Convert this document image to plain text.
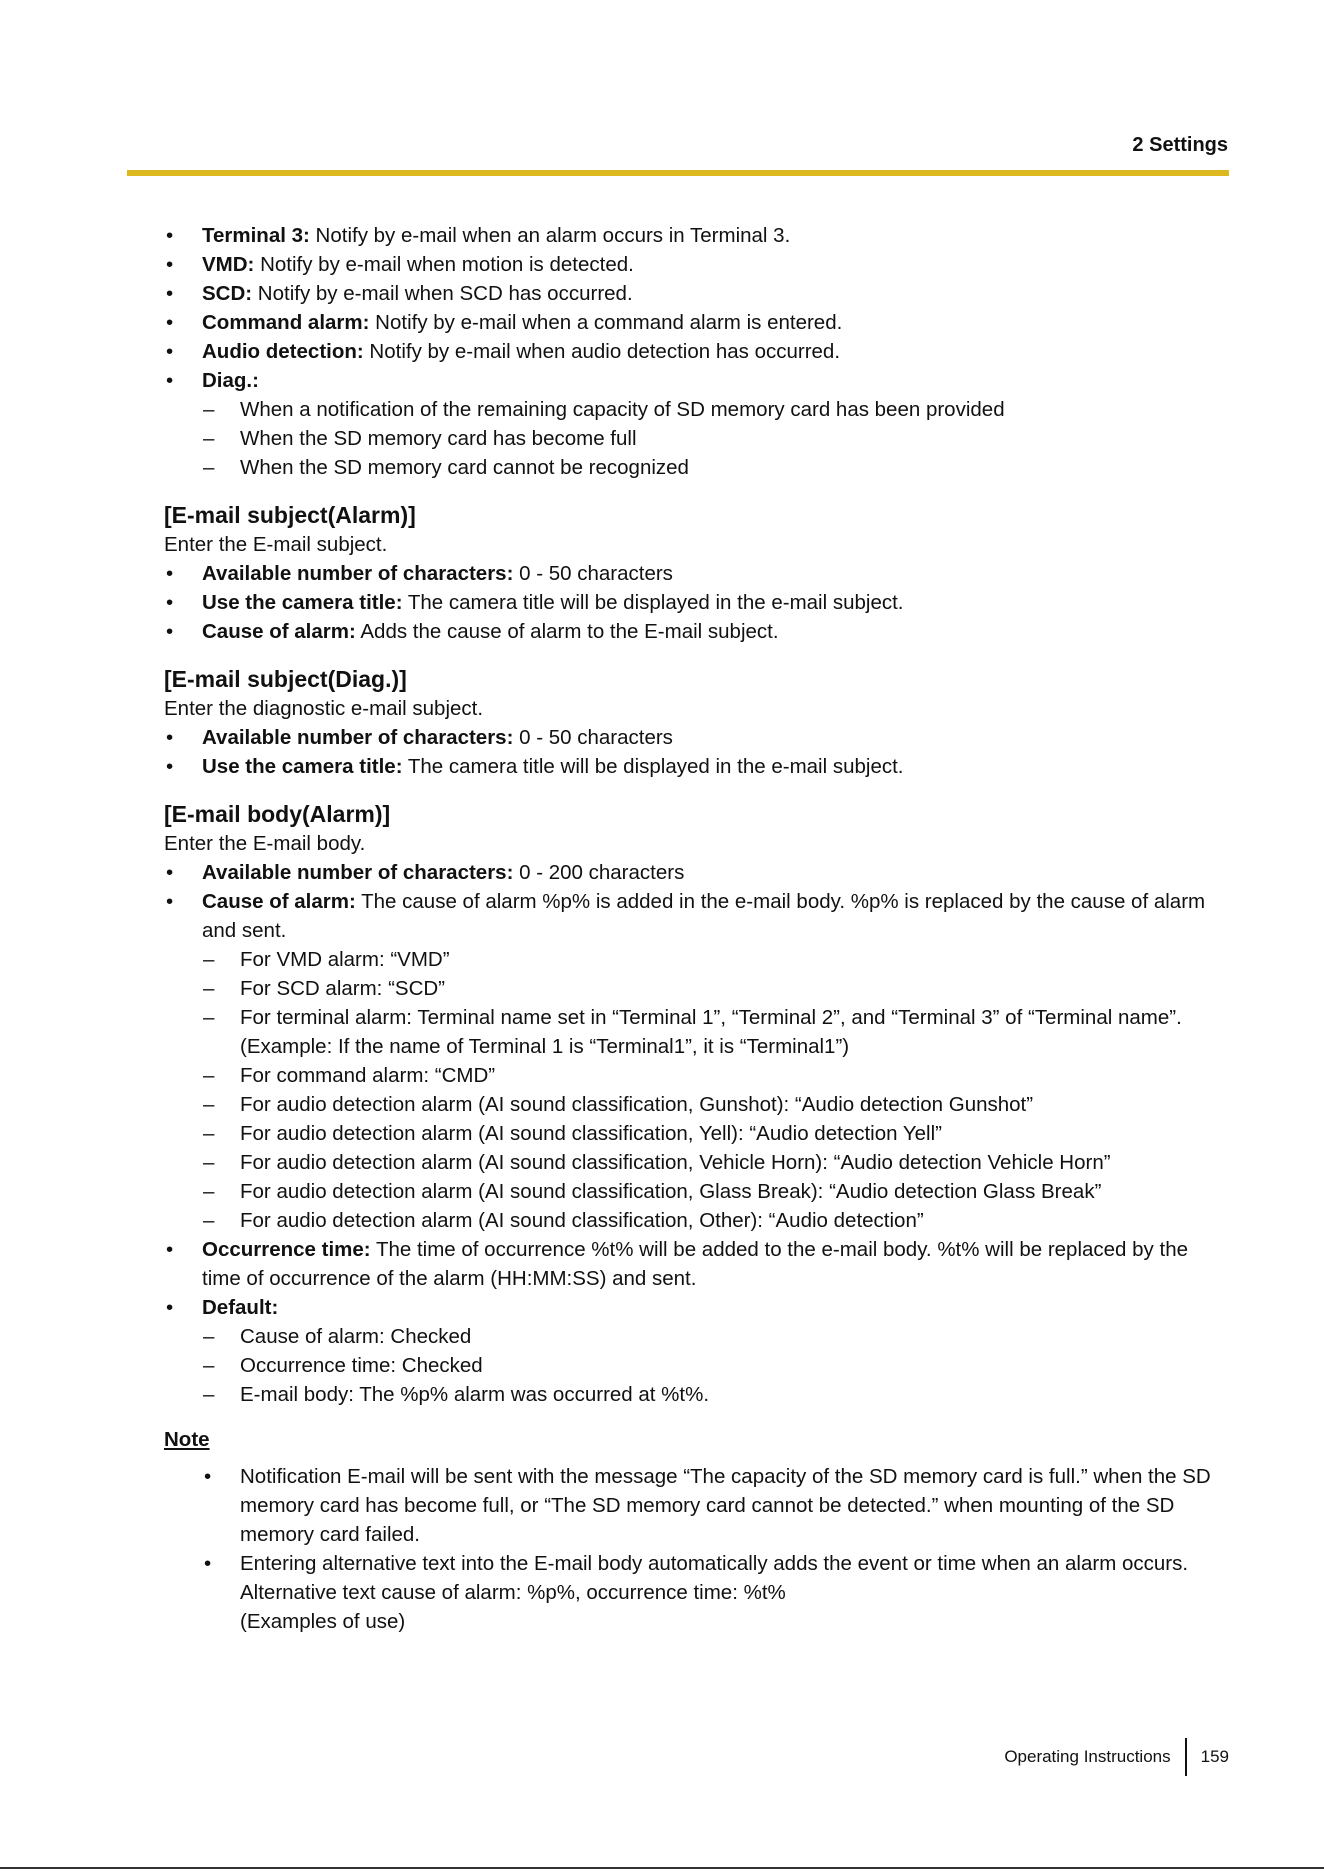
2 Settings
• Terminal 3: Notify by e-mail when an alarm occurs in Terminal 3.
• VMD: Notify by e-mail when motion is detected.
• SCD: Notify by e-mail when SCD has occurred.
• Command alarm: Notify by e-mail when a command alarm is entered.
• Audio detection: Notify by e-mail when audio detection has occurred.
• Diag.:
– When a notification of the remaining capacity of SD memory card has been provided
– When the SD memory card has become full
– When the SD memory card cannot be recognized
[E-mail subject(Alarm)]
Enter the E-mail subject.
• Available number of characters: 0 - 50 characters
• Use the camera title: The camera title will be displayed in the e-mail subject.
• Cause of alarm: Adds the cause of alarm to the E-mail subject.
[E-mail subject(Diag.)]
Enter the diagnostic e-mail subject.
• Available number of characters: 0 - 50 characters
• Use the camera title: The camera title will be displayed in the e-mail subject.
[E-mail body(Alarm)]
Enter the E-mail body.
• Available number of characters: 0 - 200 characters
• Cause of alarm: The cause of alarm %p% is added in the e-mail body. %p% is replaced by the cause of alarm and sent.
– For VMD alarm: “VMD”
– For SCD alarm: “SCD”
– For terminal alarm: Terminal name set in “Terminal 1”, “Terminal 2”, and “Terminal 3” of “Terminal name”. (Example: If the name of Terminal 1 is “Terminal1”, it is “Terminal1”)
– For command alarm: “CMD”
– For audio detection alarm (AI sound classification, Gunshot): “Audio detection Gunshot”
– For audio detection alarm (AI sound classification, Yell): “Audio detection Yell”
– For audio detection alarm (AI sound classification, Vehicle Horn): “Audio detection Vehicle Horn”
– For audio detection alarm (AI sound classification, Glass Break): “Audio detection Glass Break”
– For audio detection alarm (AI sound classification, Other): “Audio detection”
• Occurrence time: The time of occurrence %t% will be added to the e-mail body. %t% will be replaced by the time of occurrence of the alarm (HH:MM:SS) and sent.
• Default:
– Cause of alarm: Checked
– Occurrence time: Checked
– E-mail body: The %p% alarm was occurred at %t%.
Note
• Notification E-mail will be sent with the message “The capacity of the SD memory card is full.” when the SD memory card has become full, or “The SD memory card cannot be detected.” when mounting of the SD memory card failed.
• Entering alternative text into the E-mail body automatically adds the event or time when an alarm occurs.
Alternative text cause of alarm: %p%, occurrence time: %t%
(Examples of use)
Operating Instructions 159
